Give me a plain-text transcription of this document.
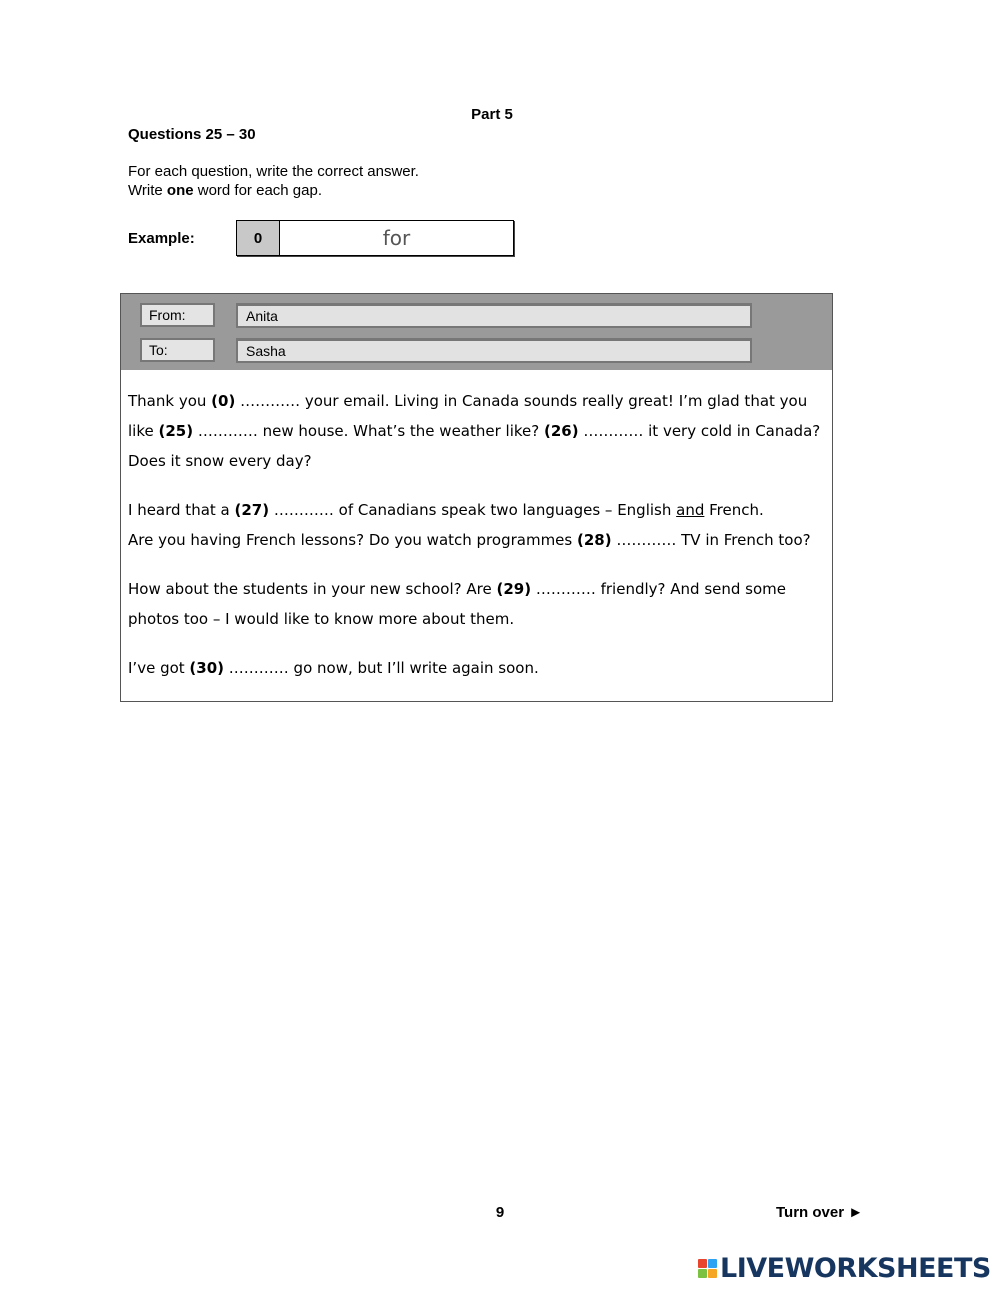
Part 5
Questions 25 – 30
For each question, write the correct answer.
Write one word for each gap.
Example:	0	for
From:	Anita
To:	Sasha

Thank you (0) ………… your email. Living in Canada sounds really great! I’m glad that you like (25) ………… new house. What’s the weather like? (26) ………… it very cold in Canada? Does it snow every day?

I heard that a (27) ………… of Canadians speak two languages – English and French.
Are you having French lessons? Do you watch programmes (28) ………… TV in French too?

How about the students in your new school? Are (29) ………… friendly? And send some photos too – I would like to know more about them.

I’ve got (30) ………… go now, but I’ll write again soon.

9	Turn over ►
LIVEWORKSHEETS
